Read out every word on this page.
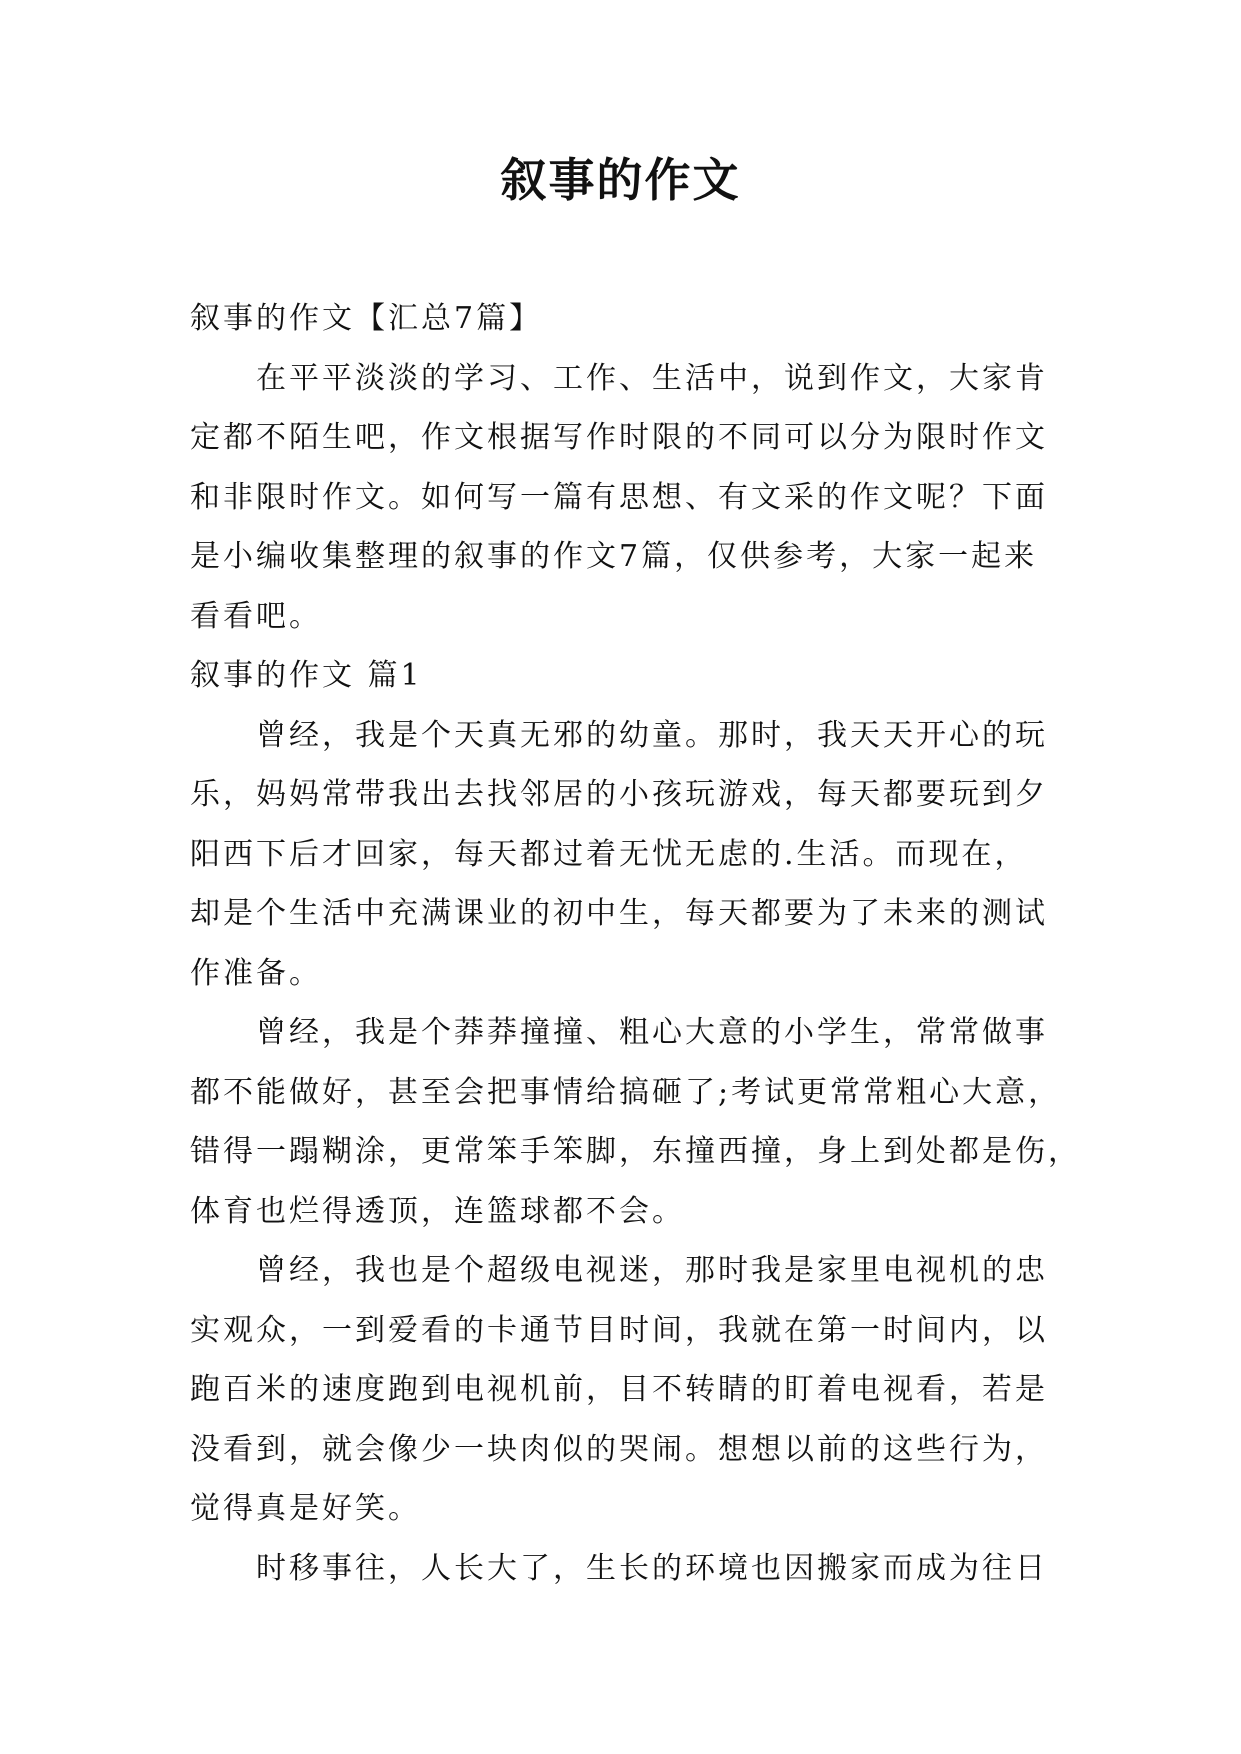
叙事的作文
叙事的作文【汇总7篇】
在平平淡淡的学习、工作、生活中，说到作文，大家肯
定都不陌生吧，作文根据写作时限的不同可以分为限时作文
和非限时作文。如何写一篇有思想、有文采的作文呢？下面
是小编收集整理的叙事的作文7篇，仅供参考，大家一起来
看看吧。
叙事的作文 篇1
曾经，我是个天真无邪的幼童。那时，我天天开心的玩
乐，妈妈常带我出去找邻居的小孩玩游戏，每天都要玩到夕
阳西下后才回家，每天都过着无忧无虑的.生活。而现在，
却是个生活中充满课业的初中生，每天都要为了未来的测试
作准备。
曾经，我是个莽莽撞撞、粗心大意的小学生，常常做事
都不能做好，甚至会把事情给搞砸了;考试更常常粗心大意，
错得一蹋糊涂，更常笨手笨脚，东撞西撞，身上到处都是伤，
体育也烂得透顶，连篮球都不会。
曾经，我也是个超级电视迷，那时我是家里电视机的忠
实观众，一到爱看的卡通节目时间，我就在第一时间内，以
跑百米的速度跑到电视机前，目不转睛的盯着电视看，若是
没看到，就会像少一块肉似的哭闹。想想以前的这些行为，
觉得真是好笑。
时移事往，人长大了，生长的环境也因搬家而成为往日
